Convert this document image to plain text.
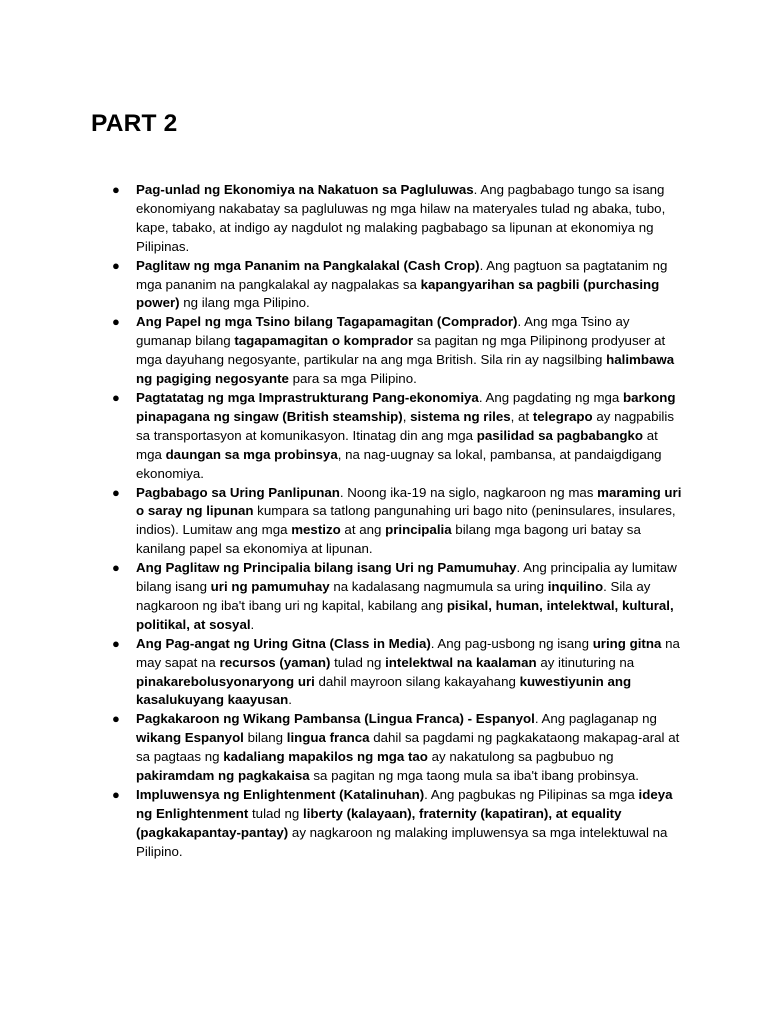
PART 2
● Pag-unlad ng Ekonomiya na Nakatuon sa Pagluluwas. Ang pagbabago tungo sa isang ekonomiyang nakabatay sa pagluluwas ng mga hilaw na materyales tulad ng abaka, tubo, kape, tabako, at indigo ay nagdulot ng malaking pagbabago sa lipunan at ekonomiya ng Pilipinas.
● Paglitaw ng mga Pananim na Pangkalakal (Cash Crop). Ang pagtuon sa pagtatanim ng mga pananim na pangkalakal ay nagpalakas sa kapangyarihan sa pagbili (purchasing power) ng ilang mga Pilipino.
● Ang Papel ng mga Tsino bilang Tagapamagitan (Comprador). Ang mga Tsino ay gumanap bilang tagapamagitan o komprador sa pagitan ng mga Pilipinong prodyuser at mga dayuhang negosyante, partikular na ang mga British. Sila rin ay nagsilbing halimbawa ng pagiging negosyante para sa mga Pilipino.
● Pagtatatag ng mga Imprastrukturang Pang-ekonomiya. Ang pagdating ng mga barkong pinapagana ng singaw (British steamship), sistema ng riles, at telegrapo ay nagpabilis sa transportasyon at komunikasyon. Itinatag din ang mga pasilidad sa pagbabangko at mga daungan sa mga probinsya, na nag-uugnay sa lokal, pambansa, at pandaigdigang ekonomiya.
● Pagbabago sa Uring Panlipunan. Noong ika-19 na siglo, nagkaroon ng mas maraming uri o saray ng lipunan kumpara sa tatlong pangunahing uri bago nito (peninsulares, insulares, indios). Lumitaw ang mga mestizo at ang principalia bilang mga bagong uri batay sa kanilang papel sa ekonomiya at lipunan.
● Ang Paglitaw ng Principalia bilang isang Uri ng Pamumuhay. Ang principalia ay lumitaw bilang isang uri ng pamumuhay na kadalasang nagmumula sa uring inquilino. Sila ay nagkaroon ng iba't ibang uri ng kapital, kabilang ang pisikal, human, intelektwal, kultural, politikal, at sosyal.
● Ang Pag-angat ng Uring Gitna (Class in Media). Ang pag-usbong ng isang uring gitna na may sapat na recursos (yaman) tulad ng intelektwal na kaalaman ay itinuturing na pinakarebolusyonaryong uri dahil mayroon silang kakayahang kuwestiyunin ang kasalukuyang kaayusan.
● Pagkakaroon ng Wikang Pambansa (Lingua Franca) - Espanyol. Ang paglaganap ng wikang Espanyol bilang lingua franca dahil sa pagdami ng pagkakataong makapag-aral at sa pagtaas ng kadaliang mapakilos ng mga tao ay nakatulong sa pagbubuo ng pakiramdam ng pagkakaisa sa pagitan ng mga taong mula sa iba't ibang probinsya.
● Impluwensya ng Enlightenment (Katalinuhan). Ang pagbukas ng Pilipinas sa mga ideya ng Enlightenment tulad ng liberty (kalayaan), fraternity (kapatiran), at equality (pagkakapantay-pantay) ay nagkaroon ng malaking impluwensya sa mga intelektuwal na Pilipino.
